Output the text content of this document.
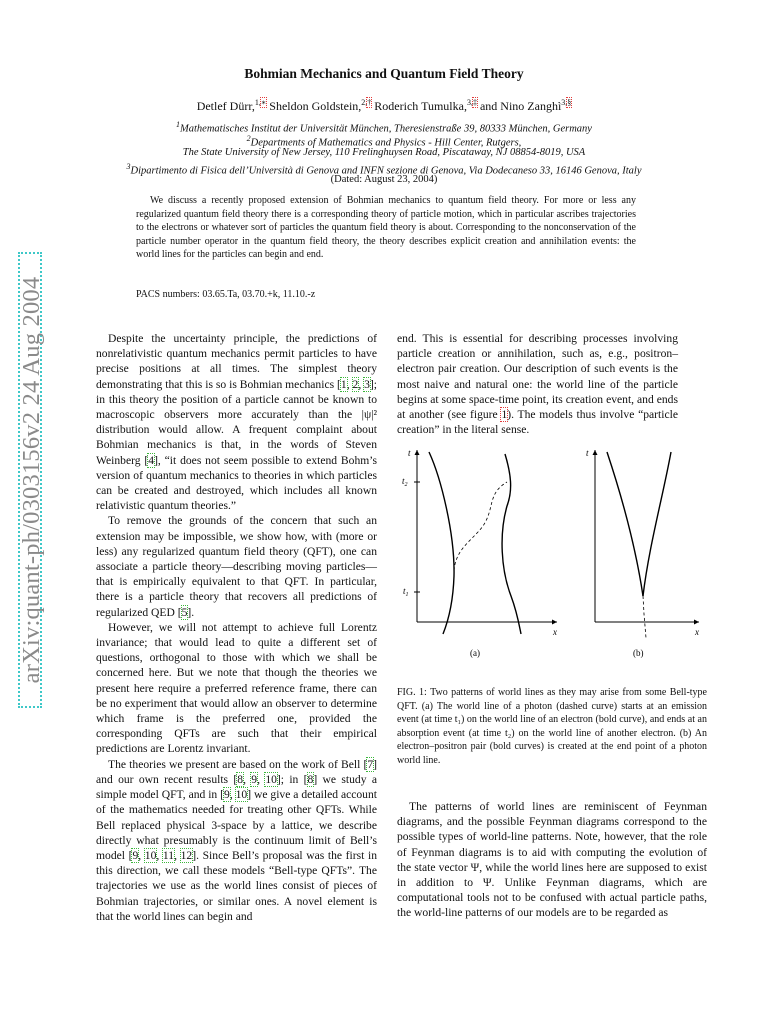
arXiv:quant-ph/0303156v2 24 Aug 2004
Bohmian Mechanics and Quantum Field Theory
Detlef Dürr,$^{1,∗}$ Sheldon Goldstein,$^{2,\dagger}$ Roderich Tumulka,$^{3,\ddagger}$ and Nino Zanghì$^{3,\S}$
$^1$Mathematisches Institut der Universität München, Theresienstraße 39, 80333 München, Germany
$^2$Departments of Mathematics and Physics - Hill Center, Rutgers,
The State University of New Jersey, 110 Frelinghuysen Road, Piscataway, NJ 08854-8019, USA
$^3$Dipartimento di Fisica dell’Università di Genova and INFN sezione di Genova, Via Dodecaneso 33, 16146 Genova, Italy
(Dated: August 23, 2004)
We discuss a recently proposed extension of Bohmian mechanics to quantum field theory. For more or less any regularized quantum field theory there is a corresponding theory of particle motion, which in particular ascribes trajectories to the electrons or whatever sort of particles the quantum field theory is about. Corresponding to the nonconservation of the particle number operator in the quantum field theory, the theory describes explicit creation and annihilation events: the world lines for the particles can begin and end.
PACS numbers: 03.65.Ta, 03.70.+k, 11.10.-z

Despite the uncertainty principle, the predictions of nonrelativistic quantum mechanics permit particles to have precise positions at all times. The simplest theory demonstrating that this is so is Bohmian mechanics [1, 2, 3]; in this theory the position of a particle cannot be known to macroscopic observers more accurately than the |ψ|² distribution would allow. A frequent complaint about Bohmian mechanics is that, in the words of Steven Weinberg [4], “it does not seem possible to extend Bohm’s version of quantum mechanics to theories in which particles can be created and destroyed, which includes all known relativistic quantum theories.”

To remove the grounds of the concern that such an extension may be impossible, we show how, with (more or less) any regularized quantum field theory (QFT), one can associate a particle theory—describing moving particles—that is empirically equivalent to that QFT. In particular, there is a particle theory that recovers all predictions of regularized QED [5].

However, we will not attempt to achieve full Lorentz invariance; that would lead to quite a different set of questions, orthogonal to those with which we shall be concerned here. But we note that though the theories we present here require a preferred reference frame, there can be no experiment that would allow an observer to determine which frame is the preferred one, provided the corresponding QFTs are such that their empirical predictions are Lorentz invariant.

The theories we present are based on the work of Bell [7] and our own recent results [8, 9, 10]; in [8] we study a simple model QFT, and in [9, 10] we give a detailed account of the mathematics needed for treating other QFTs. While Bell replaced physical 3-space by a lattice, we describe directly what presumably is the continuum limit of Bell’s model [9, 10, 11, 12]. Since Bell’s proposal was the first in this direction, we call these models “Bell-type QFTs”. The trajectories we use as the world lines consist of pieces of Bohmian trajectories, or similar ones. A novel element is that the world lines can begin and

end. This is essential for describing processes involving particle creation or annihilation, such as, e.g., positron–electron pair creation. Our description of such events is the most naive and natural one: the world line of the particle begins at some space-time point, its creation event, and ends at another (see figure 1). The models thus involve “particle creation” in the literal sense.

t
x
$t_2$
$t_1$
(a)
t
x
(b)
FIG. 1: Two patterns of world lines as they may arise from some Bell-type QFT. (a) The world line of a photon (dashed curve) starts at an emission event (at time t₁) on the world line of an electron (bold curve), and ends at an absorption event (at time t₂) on the world line of another electron. (b) An electron–positron pair (bold curves) is created at the end point of a photon world line.

The patterns of world lines are reminiscent of Feynman diagrams, and the possible Feynman diagrams correspond to the possible types of world-line patterns. Note, however, that the role of Feynman diagrams is to aid with computing the evolution of the state vector Ψ, while the world lines here are supposed to exist in addition to Ψ. Unlike Feynman diagrams, which are computational tools not to be confused with actual particle paths, the world-line patterns of our models are to be regarded as
